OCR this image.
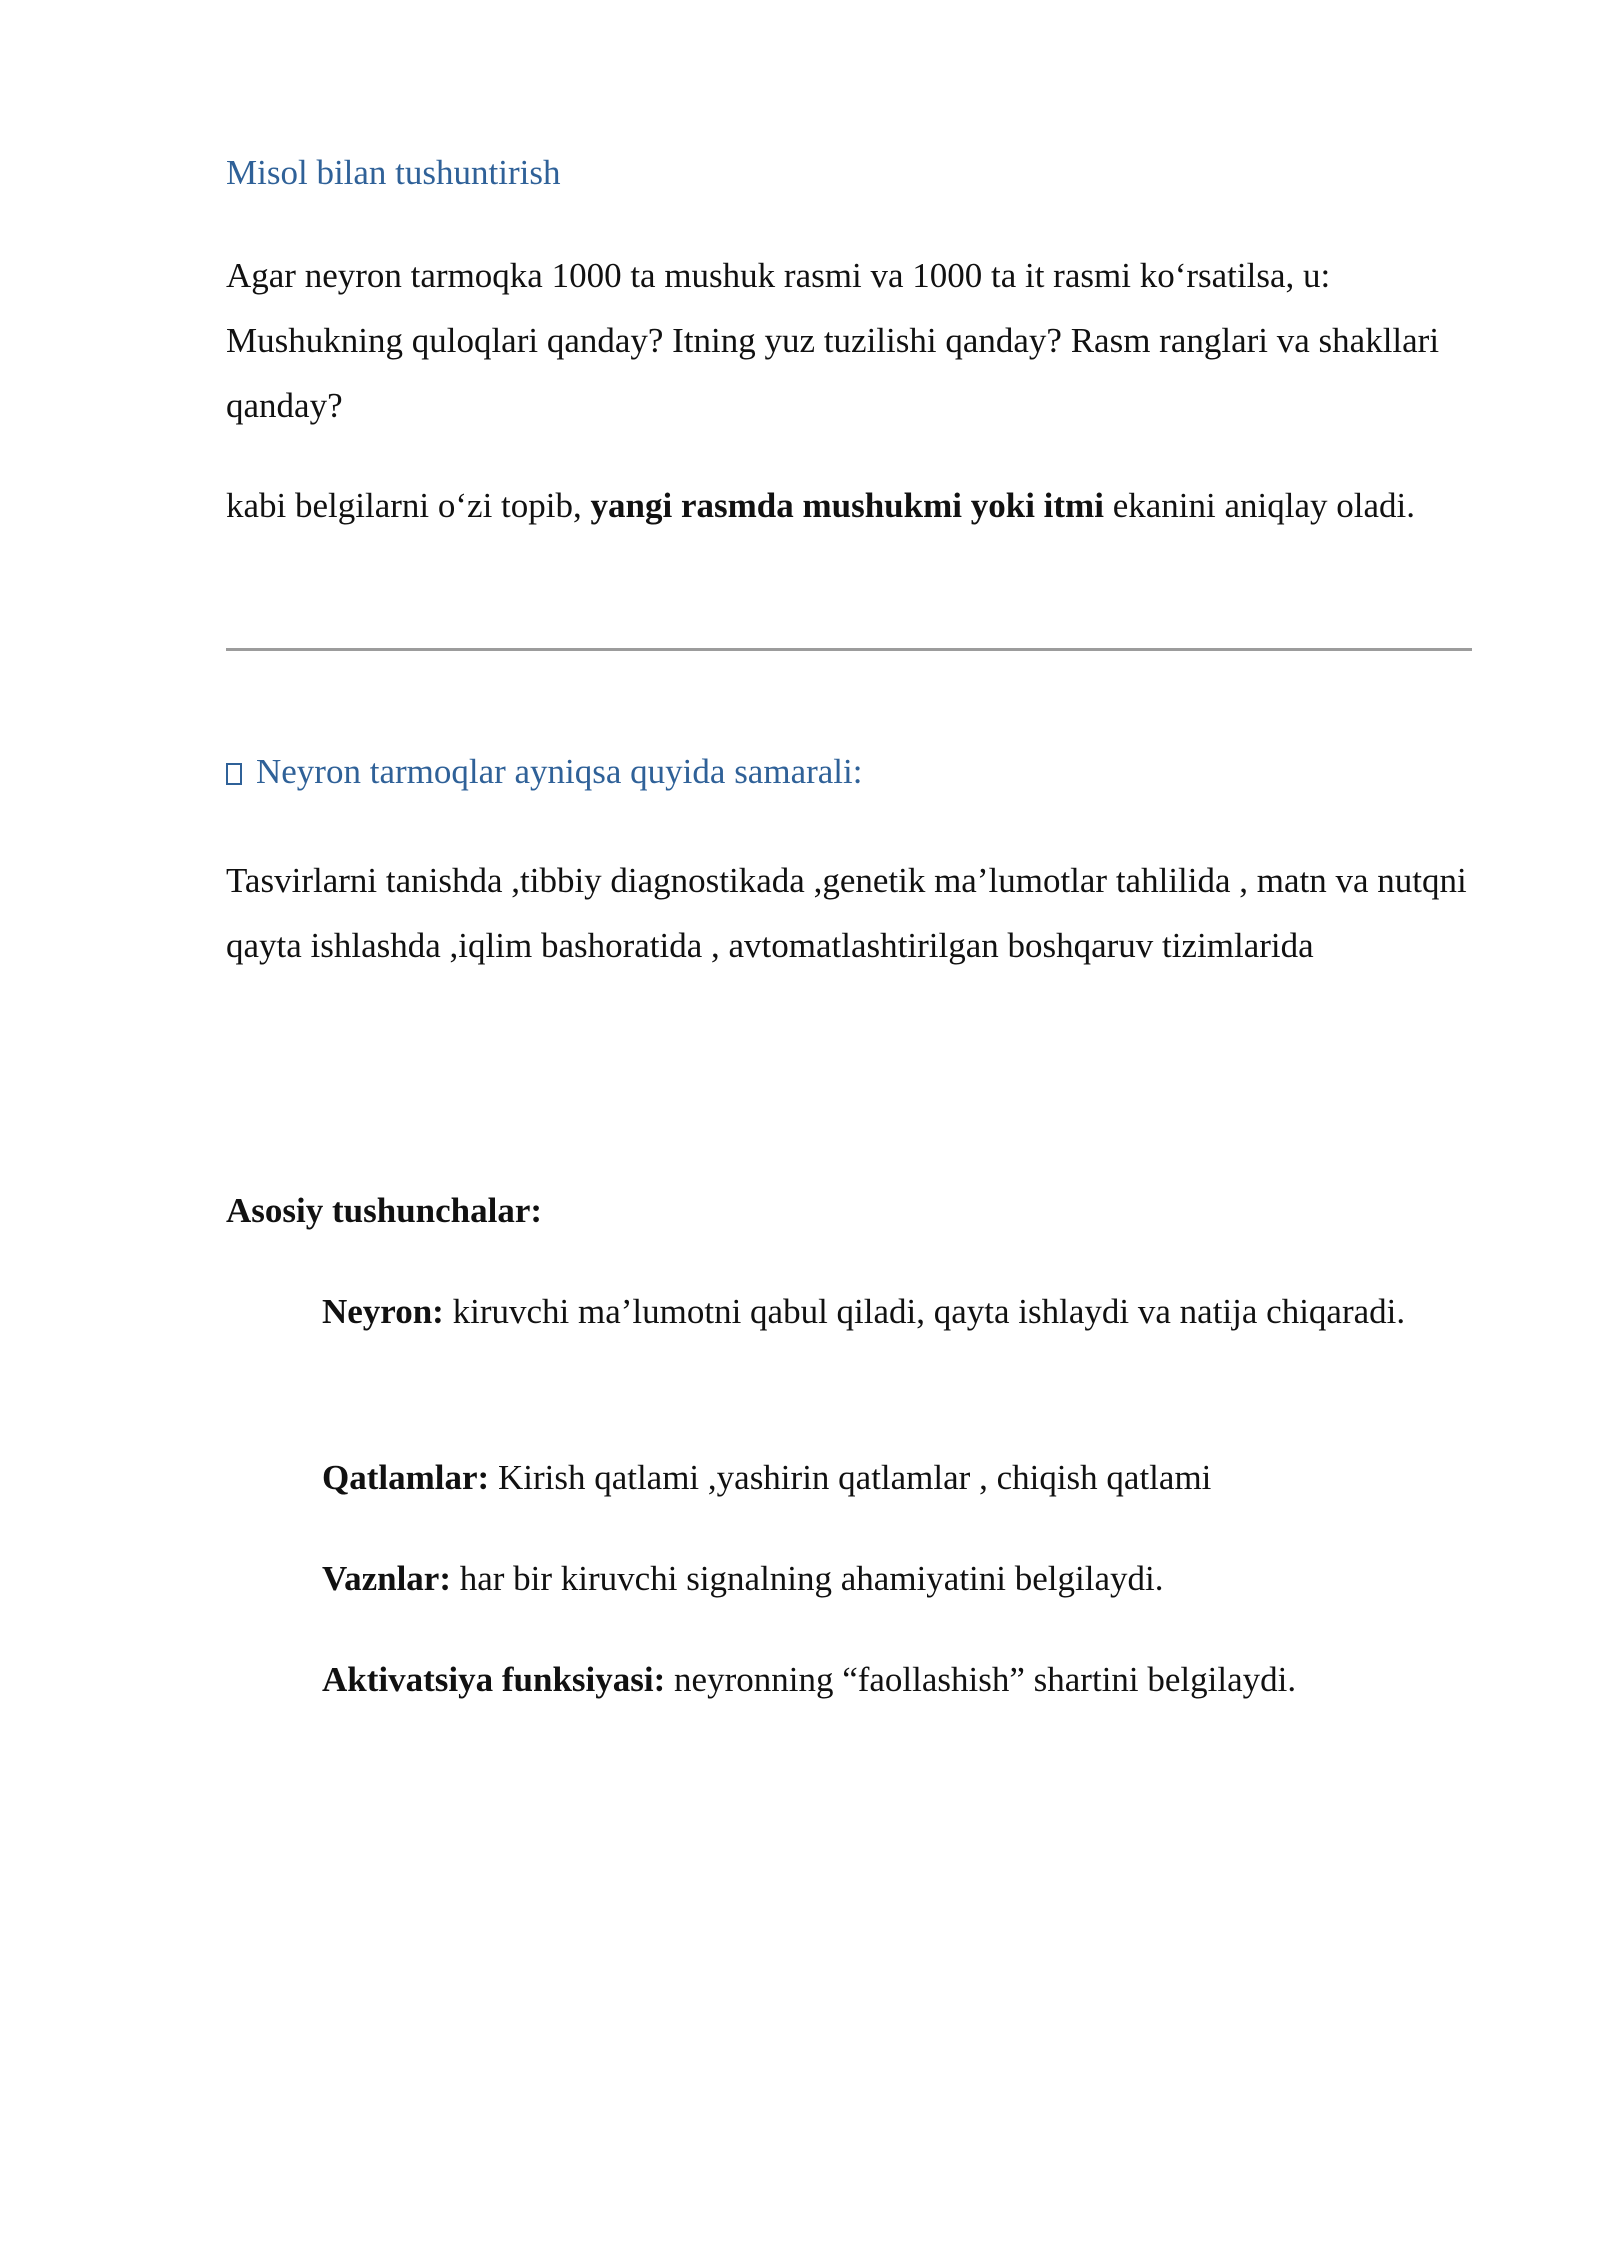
Misol bilan tushuntirish

Agar neyron tarmoqka 1000 ta mushuk rasmi va 1000 ta it rasmi ko‘rsatilsa, u: Mushukning quloqlari qanday? Itning yuz tuzilishi qanday? Rasm ranglari va shakllari qanday?

kabi belgilarni o‘zi topib, yangi rasmda mushukmi yoki itmi ekanini aniqlay oladi.

Neyron tarmoqlar ayniqsa quyida samarali:

Tasvirlarni tanishda ,tibbiy diagnostikada ,genetik ma’lumotlar tahlilida , matn va nutqni qayta ishlashda ,iqlim bashoratida , avtomatlashtirilgan boshqaruv tizimlarida

Asosiy tushunchalar:

Neyron: kiruvchi ma’lumotni qabul qiladi, qayta ishlaydi va natija chiqaradi.

Qatlamlar: Kirish qatlami ,yashirin qatlamlar , chiqish qatlami

Vaznlar: har bir kiruvchi signalning ahamiyatini belgilaydi.

Aktivatsiya funksiyasi: neyronning “faollashish” shartini belgilaydi.
